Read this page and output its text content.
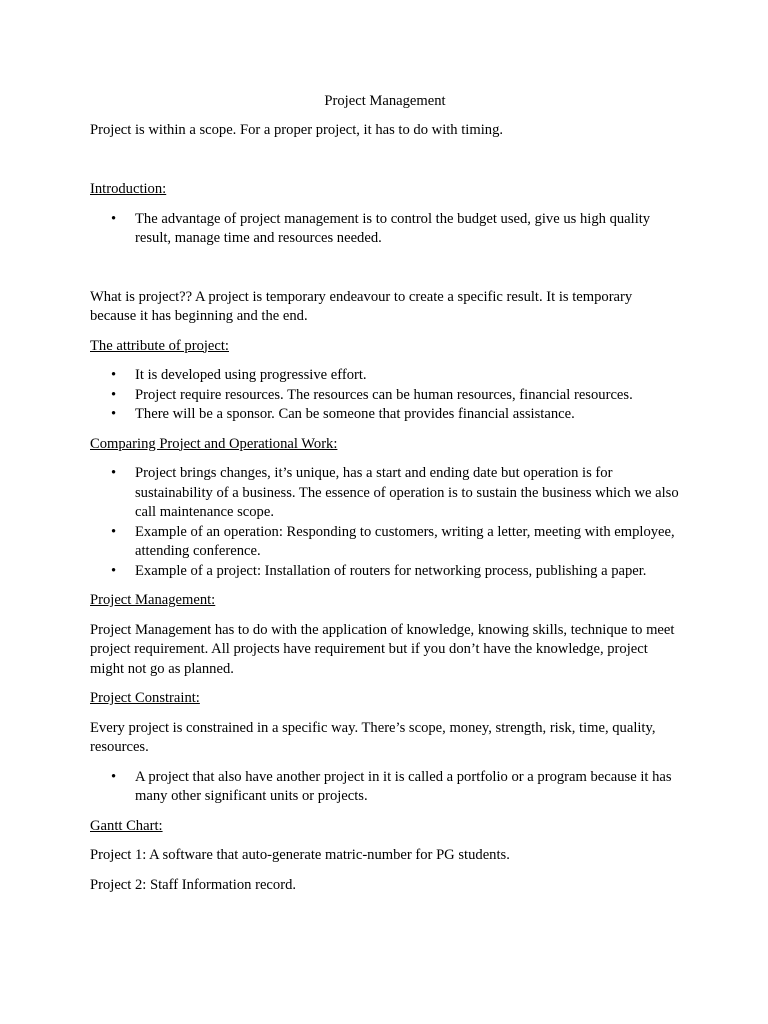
Project Management

Project is within a scope. For a proper project, it has to do with timing.

Introduction:
• The advantage of project management is to control the budget used, give us high quality result, manage time and resources needed.

What is project?? A project is temporary endeavour to create a specific result. It is temporary because it has beginning and the end.

The attribute of project:
• It is developed using progressive effort.
• Project require resources. The resources can be human resources, financial resources.
• There will be a sponsor. Can be someone that provides financial assistance.
Comparing Project and Operational Work:
• Project brings changes, it’s unique, has a start and ending date but operation is for sustainability of a business. The essence of operation is to sustain the business which we also call maintenance scope.
• Example of an operation: Responding to customers, writing a letter, meeting with employee, attending conference.
• Example of a project: Installation of routers for networking process, publishing a paper.
Project Management:

Project Management has to do with the application of knowledge, knowing skills, technique to meet project requirement. All projects have requirement but if you don’t have the knowledge, project might not go as planned.

Project Constraint:

Every project is constrained in a specific way. There’s scope, money, strength, risk, time, quality, resources.

• A project that also have another project in it is called a portfolio or a program because it has many other significant units or projects.
Gantt Chart:

Project 1: A software that auto-generate matric-number for PG students.

Project 2: Staff Information record.
